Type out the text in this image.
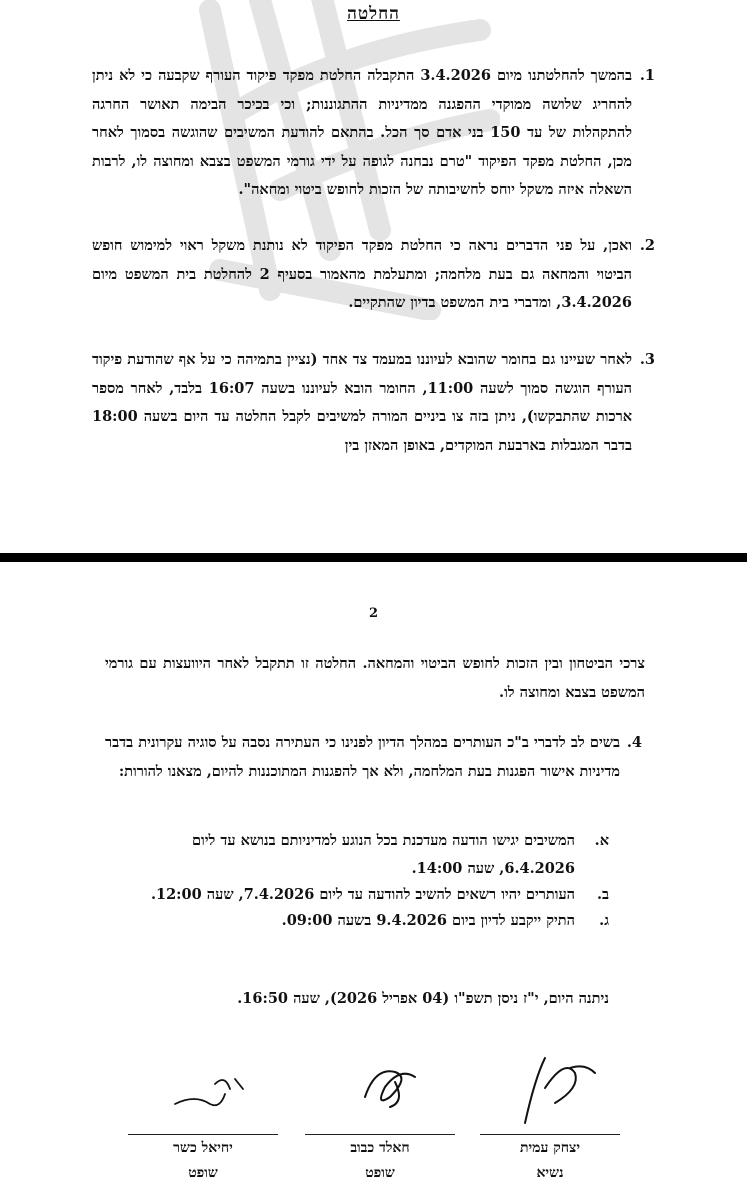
החלטה
.1
בהמשך להחלטתנו מיום 3.4.2026 התקבלה החלטת מפקד פיקוד העורף שקבעה כי לא ניתן להחריג שלושה ממוקדי ההפגנה ממדיניות ההתגוננות; וכי בכיכר הבימה תאושר החרגה להתקהלות של עד 150 בני אדם סך הכל. בהתאם להודעת המשיבים שהוגשה בסמוך לאחר מכן, החלטת מפקד הפיקוד "טרם נבחנה לגופה על ידי גורמי המשפט בצבא ומחוצה לו, לרבות השאלה איזה משקל יוחס לחשיבותה של הזכות לחופש ביטוי ומחאה".
.2
ואכן, על פני הדברים נראה כי החלטת מפקד הפיקוד לא נותנת משקל ראוי למימוש חופש הביטוי והמחאה גם בעת מלחמה; ומתעלמת מהאמור בסעיף 2 להחלטת בית המשפט מיום 3.4.2026, ומדברי בית המשפט בדיון שהתקיים.
.3
לאחר שעיינו גם בחומר שהובא לעיוננו במעמד צד אחד (נציין בתמיהה כי על אף שהודעת פיקוד העורף הוגשה סמוך לשעה 11:00, החומר הובא לעיוננו בשעה 16:07 בלבד, לאחר מספר ארכות שהתבקשו), ניתן בזה צו ביניים המורה למשיבים לקבל החלטה עד היום בשעה 18:00 בדבר המגבלות בארבעת המוקדים, באופן המאזן בין
2
צרכי הביטחון ובין הזכות לחופש הביטוי והמחאה. החלטה זו תתקבל לאחר היוועצות עם גורמי המשפט בצבא ומחוצה לו.
.4
בשים לב לדברי ב"כ העותרים במהלך הדיון לפנינו כי העתירה נסבה על סוגיה עקרונית בדבר מדיניות אישור הפגנות בעת המלחמה, ולא אך להפגנות המתוכננות להיום, מצאנו להורות:
א.
המשיבים יגישו הודעה מעדכנת בכל הנוגע למדיניותם בנושא עד ליום
6.4.2026, שעה 14:00.
ב.
העותרים יהיו רשאים להשיב להודעה עד ליום 7.4.2026, שעה 12:00.
ג.
התיק ייקבע לדיון ביום 9.4.2026 בשעה 09:00.
ניתנה היום, י"ז ניסן תשפ"ו (04 אפריל 2026), שעה 16:50.
יצחק עמית
נשיא
חאלד כבוב
שופט
יחיאל כשר
שופט
